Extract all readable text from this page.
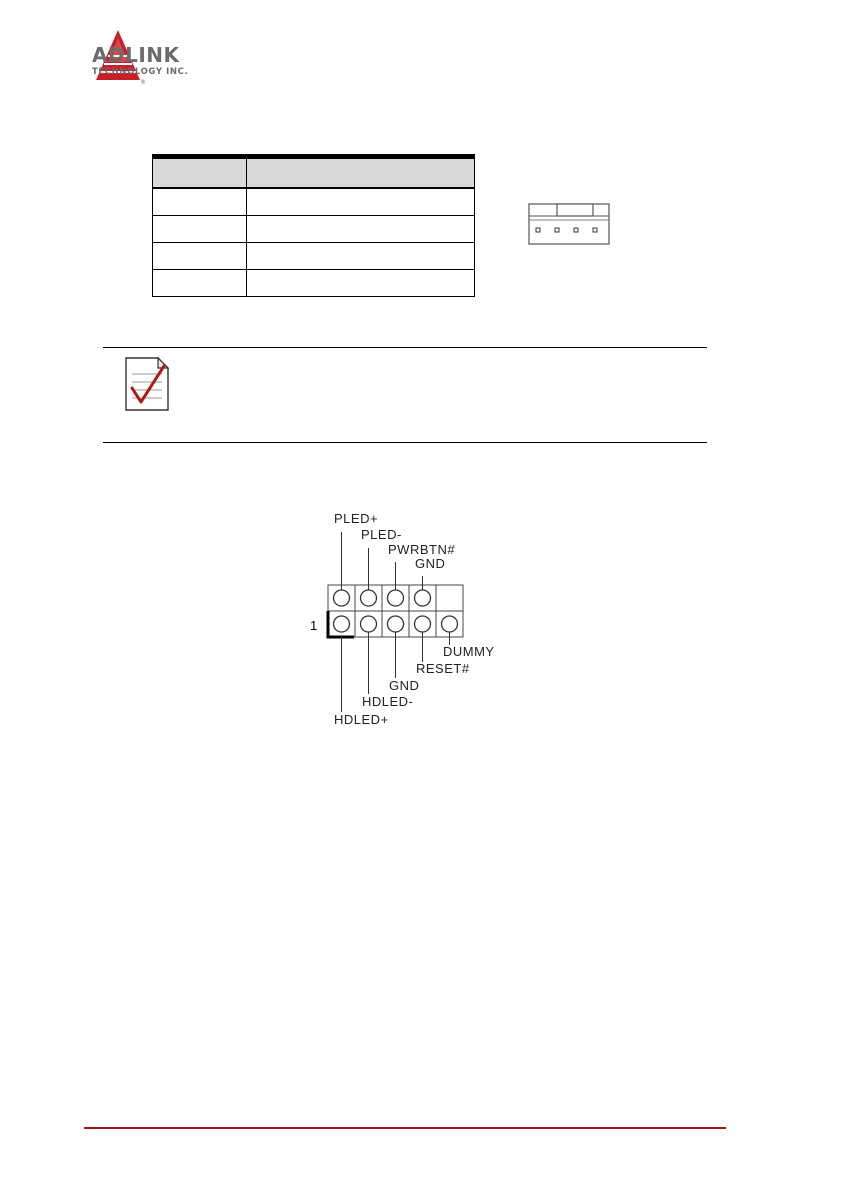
®
ADLINK
TECHNOLOGY INC.
1
PLED+
PLED-
PWRBTN#
GND
DUMMY
RESET#
GND
HDLED-
HDLED+
